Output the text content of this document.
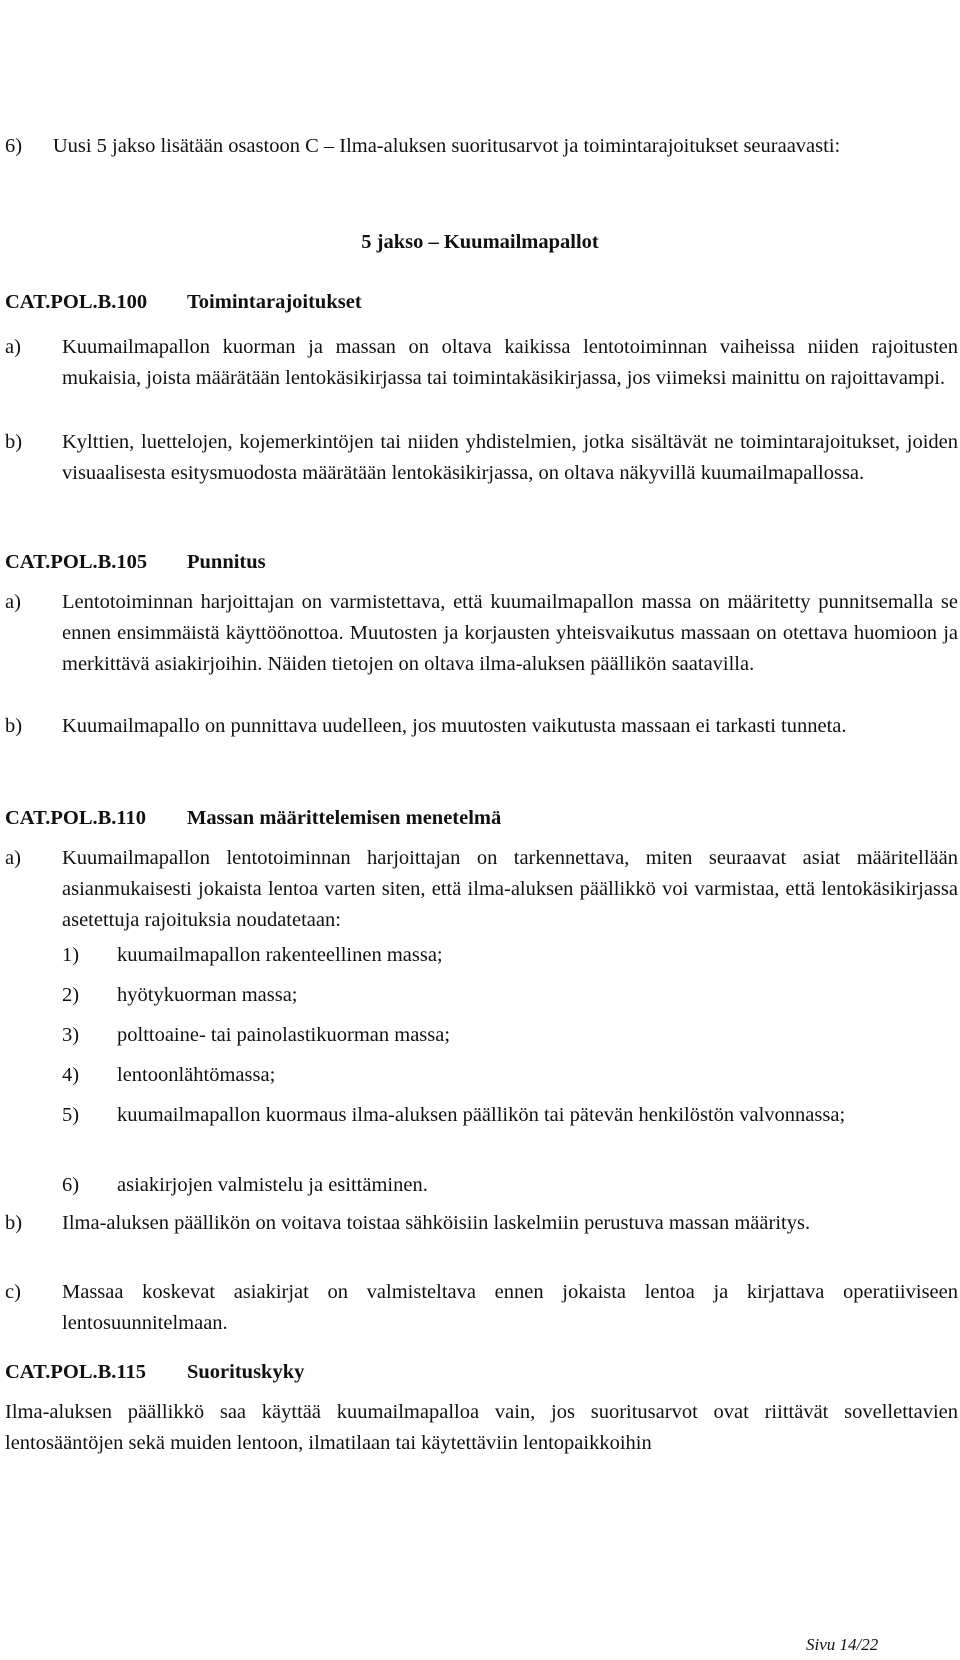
Osa CAT(S,B) Lausunto	3. syyskuuta 2012
6) Uusi 5 jakso lisätään osastoon C – Ilma-aluksen suoritusarvot ja toimintarajoitukset seuraavasti:
5 jakso – Kuumailmapallot
CAT.POL.B.100 Toimintarajoitukset
a) Kuumailmapallon kuorman ja massan on oltava kaikissa lentotoiminnan vaiheissa niiden rajoitusten mukaisia, joista määrätään lentokäsikirjassa tai toimintakäsikirjassa, jos viimeksi mainittu on rajoittavampi.
b) Kylttien, luettelojen, kojemerkintöjen tai niiden yhdistelmien, jotka sisältävät ne toimintarajoitukset, joiden visuaalisesta esitysmuodosta määrätään lentokäsikirjassa, on oltava näkyvillä kuumailmapallossa.
CAT.POL.B.105 Punnitus
a) Lentotoiminnan harjoittajan on varmistettava, että kuumailmapallon massa on määritetty punnitsemalla se ennen ensimmäistä käyttöönottoa. Muutosten ja korjausten yhteisvaikutus massaan on otettava huomioon ja merkittävä asiakirjoihin. Näiden tietojen on oltava ilma-aluksen päällikön saatavilla.
b) Kuumailmapallo on punnittava uudelleen, jos muutosten vaikutusta massaan ei tarkasti tunneta.
CAT.POL.B.110 Massan määrittelemisen menetelmä
a) Kuumailmapallon lentotoiminnan harjoittajan on tarkennettava, miten seuraavat asiat määritellään asianmukaisesti jokaista lentoa varten siten, että ilma-aluksen päällikkö voi varmistaa, että lentokäsikirjassa asetettuja rajoituksia noudatetaan:
1) kuumailmapallon rakenteellinen massa;
2) hyötykuorman massa;
3) polttoaine- tai painolastikuorman massa;
4) lentoonlähtömassa;
5) kuumailmapallon kuormaus ilma-aluksen päällikön tai pätevän henkilöstön valvonnassa;
6) asiakirjojen valmistelu ja esittäminen.
b) Ilma-aluksen päällikön on voitava toistaa sähköisiin laskelmiin perustuva massan määritys.
c) Massaa koskevat asiakirjat on valmisteltava ennen jokaista lentoa ja kirjattava operatiiviseen lentosuunnitelmaan.
CAT.POL.B.115 Suorituskyky
Ilma-aluksen päällikkö saa käyttää kuumailmapalloa vain, jos suoritusarvot ovat riittävät sovellettavien lentosääntöjen sekä muiden lentoon, ilmatilaan tai käytettäviin lentopaikkoihin
Sivu 14/22
